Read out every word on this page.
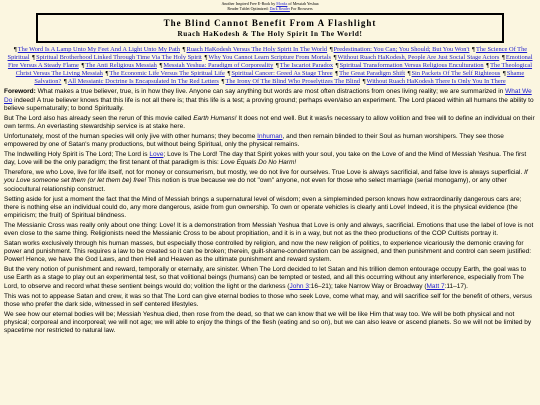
Another Inspired Free E-Book by Monks of Messiah Yeshua
Reader Tablet Optimized: Dark Reader For Browsers
The Blind Cannot Benefit From A Flashlight
Ruach HaKodesh & The Holy Spirit In The World!
¶The Word Is A Lamp Unto My Feet And A Light Unto My Path ¶Ruach HaKodesh Versus The Holy Spirit In The World ¶Predestination: You Can; You Should; But You Won't ¶The Science Of The Spiritual ¶Spiritual Brotherhood Linked Through Time Via The Holy Spirit ¶Why You Cannot Learn Scripture From Mortals ¶Without Ruach HaKodesh, People Are Just Social Stage Actors ¶Emotional Fire Versus A Steady Flame ¶The Anti Religious Messiah ¶Messiah Yeshua: Paradigm of Corporeality ¶The Iscariot Paradox ¶Spiritual Transformation Versus Religious Enculturation ¶The Theological Christ Versus The Living Messiah ¶The Economic Life Versus The Spiritual Life ¶Spiritual Cancer: Greed As Stage Three ¶The Great Paradigm Shift ¶Sin Packets Of The Self Righteous ¶Shame Salvation? ¶All Messianic Doctrine Is Encapsulated In The Red Letters ¶The Irony Of The Blind Who Proselytizes The Blind ¶Without Ruach HaKodesh There Is Only You In There

Foreword: What makes a true believer, true, is in how they live. Anyone can say anything but words are most often distractions from ones living reality; we are summarized in What We Do indeed! A true believer knows that this life is not all there is; that this life is a test; a proving ground; perhaps even/also an experiment. The Lord placed within all humans the ability to believe supernaturally; to bond Spiritually.

But The Lord also has already seen the rerun of this movie called Earth Humans! It does not end well. But it was/is necessary to allow volition and free will to define an individual on their own terms. An everlasting stewardship service is at stake here.

Unfortunately, most of the human species will only jive with other humans; they become Inhuman, and then remain blinded to their Soul as human worshipers. They see those empowered by one of Satan's many productions, but without being Spiritual, only the physical remains.

The Indwelling Holy Spirit is The Lord; The Lord is Love; Love Is The Lord! The day that Spirit yokes with your soul, you take on the Love of and the Mind of Messiah Yeshua. The first day, Love will be the only paradigm; the first tenant of that paradigm is this: Love Equals Do No Harm!

Therefore, we who Love, live for life itself, not for money or consumerism, but mostly, we do not live for ourselves. True Love is always sacrificial, and false love is always superficial. If you Love someone set them (or let them be) free! This notion is true because we do not "own" anyone, not even for those who select marriage (serial monogamy), or any other sociocultural relationship construct.

Setting aside for just a moment the fact that the Mind of Messiah brings a supernatural level of wisdom; even a simpleminded person knows how extraordinarily dangerous cars are; there is nothing else an individual could do, any more dangerous, aside from gun ownership. To own or operate vehicles is clearly anti Love! Indeed, it is the physical evidence (the empiricism; the fruit) of Spiritual blindness.

The Messianic Cross was really only about one thing: Love! It is a demonstration from Messiah Yeshua that Love is only and always, sacrificial. Emotions that use the label of love is not even close to the same thing. Religionists need the Messianic Cross to be about propitiation, and it is in a way, but not as the theo productions of the COP Cultists portray it.

Satan works exclusively through his human masses, but especially those controlled by religion, and now the new religion of politics, to experience vicariously the demonic craving for power and punishment. This requires a law to be created so it can be broken; therein, guilt-shame-condemnation can be assigned, and then punishment and control can seem justified: Power! Hence, we have the God Laws, and then Hell and Heaven as the ultimate punishment and reward system.

But the very notion of punishment and reward, temporally or eternally, are sinister. When The Lord decided to let Satan and his trillion demon entourage occupy Earth, the goal was to use Earth as a stage to play out an experimental test, so that volitional beings (humans) can be tempted or tested, and all this occurring without any interference, especially from The Lord, to observe and record what these sentient beings would do; volition the light or the darkness (John 3:16–21); take Narrow Way or Broadway (Matt 7:11–17).

This was not to appease Satan and crew, it was so that The Lord can give eternal bodies to those who seek Love, come what may, and will sacrifice self for the benefit of others, versus those who prefer the dark side, witnessed in self centered lifestyles.

We see how our eternal bodies will be; Messiah Yeshua died, then rose from the dead, so that we can know that we will be like Him that way too. We will be both physical and not physical; corporeal and incorporeal; we will not age; we will able to enjoy the things of the flesh (eating and so on), but we can also leave or ascend planets. So we will not be limited by spacetime nor restricted to natural law.
